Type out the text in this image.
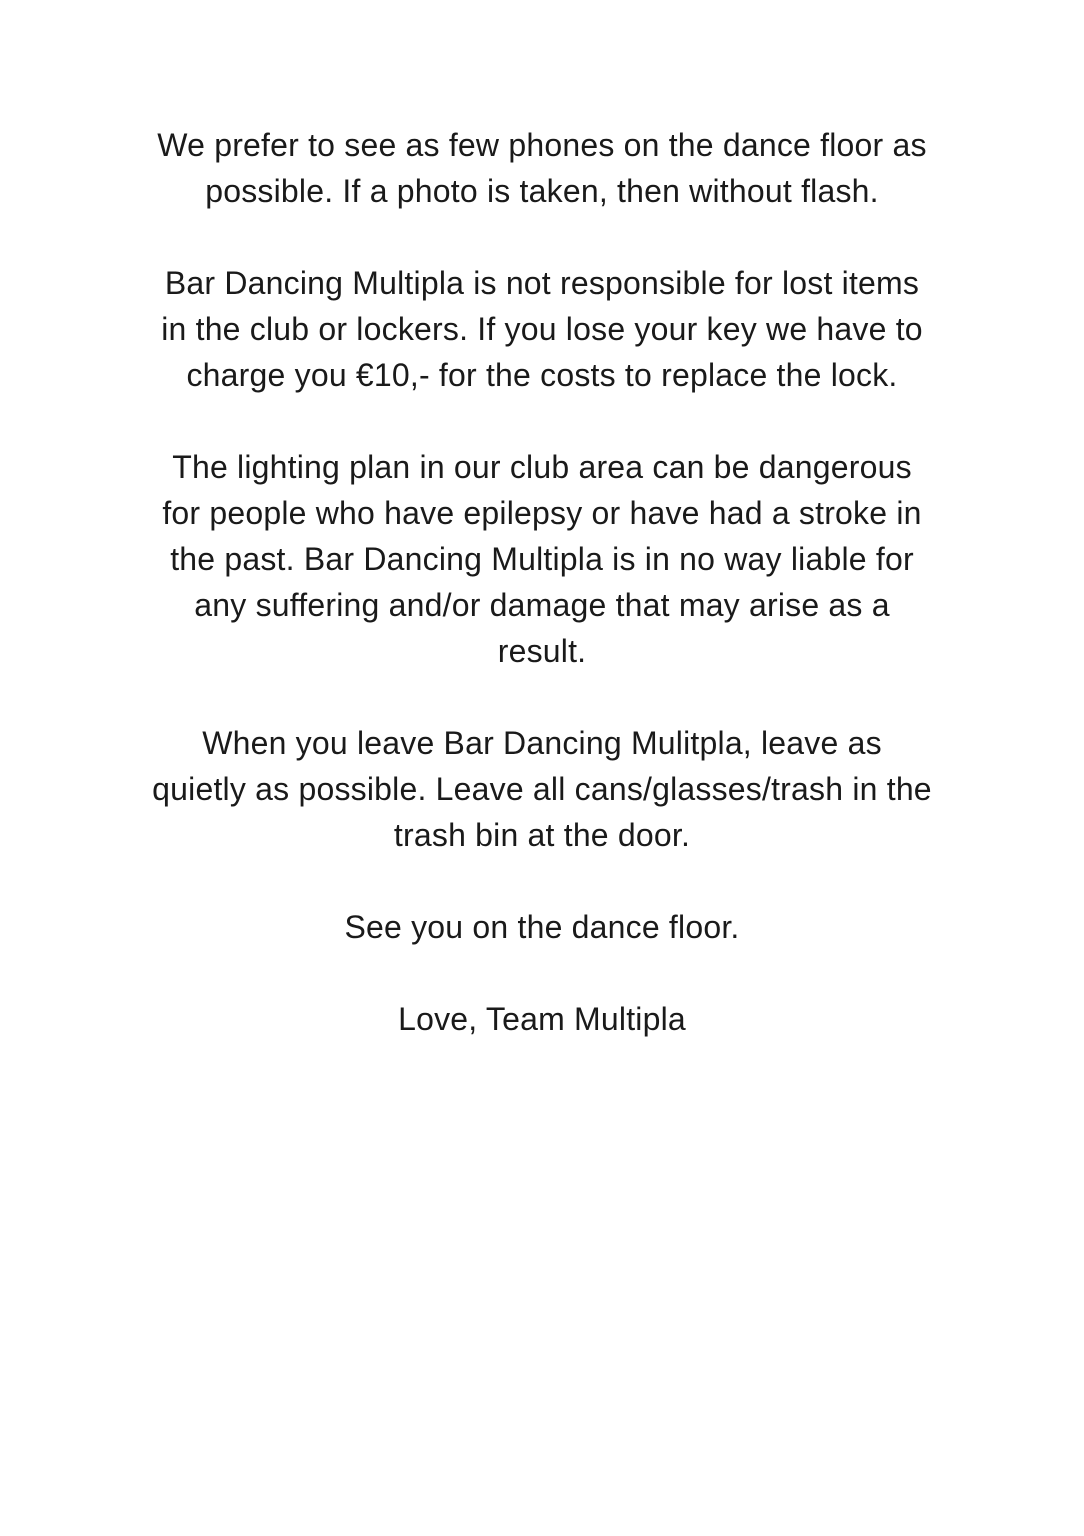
We prefer to see as few phones on the dance floor as possible. If a photo is taken, then without flash.

Bar Dancing Multipla is not responsible for lost items in the club or lockers. If you lose your key we have to charge you €10,- for the costs to replace the lock.

The lighting plan in our club area can be dangerous for people who have epilepsy or have had a stroke in the past. Bar Dancing Multipla is in no way liable for any suffering and/or damage that may arise as a result.

When you leave Bar Dancing Mulitpla, leave as quietly as possible. Leave all cans/glasses/trash in the trash bin at the door.

See you on the dance floor.

Love, Team Multipla
